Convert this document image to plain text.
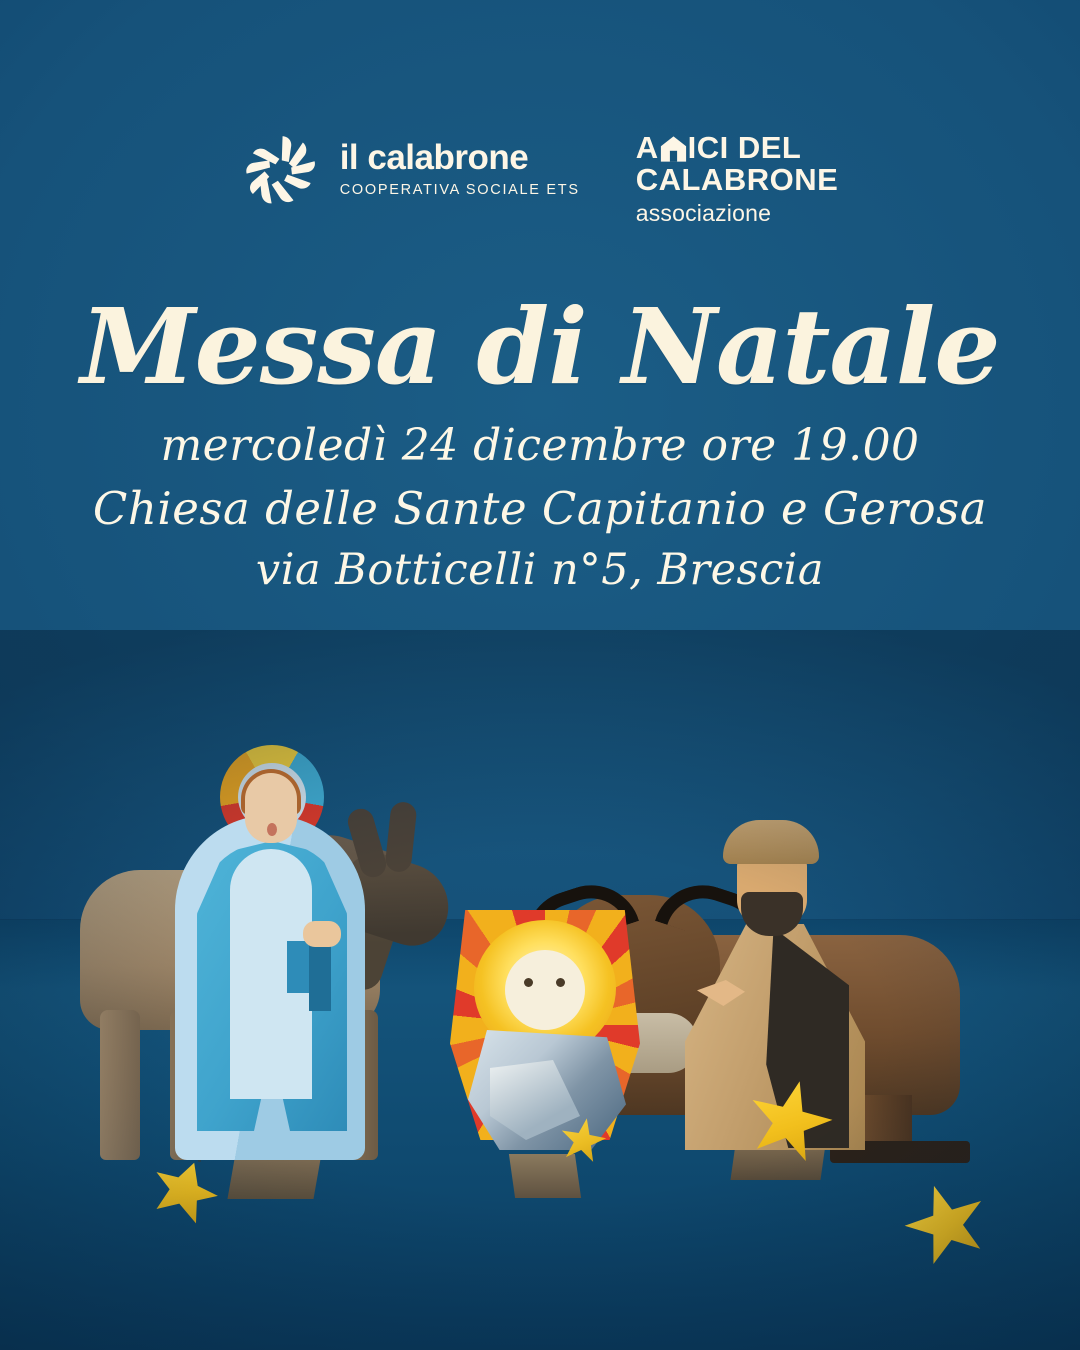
il calabrone
COOPERATIVA SOCIALE ETS
A ICI DEL
CALABRONE
associazione
Messa di Natale
mercoledì 24 dicembre ore 19.00
Chiesa delle Sante Capitanio e Gerosa
via Botticelli n°5, Brescia
